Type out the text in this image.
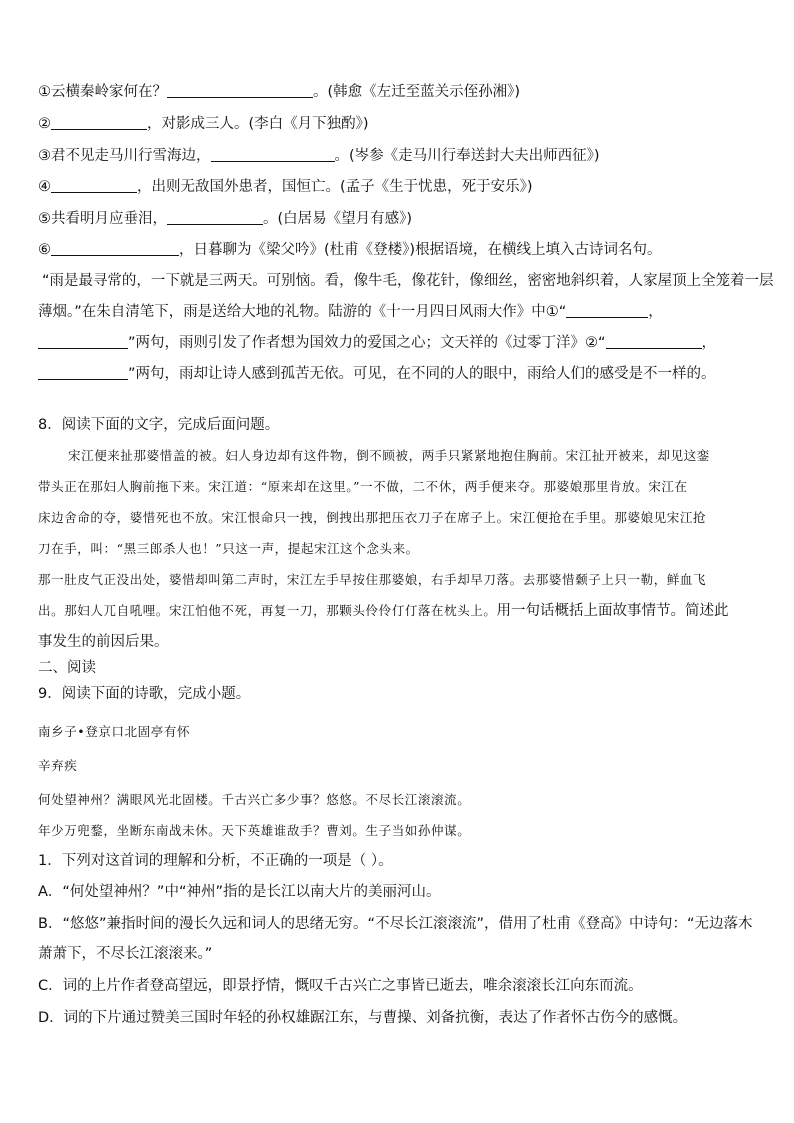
①云横秦岭家何在？	。(韩愈《左迁至蓝关示侄孙湘》)
②	，对影成三人。(李白《月下独酌》)
③君不见走马川行雪海边，	。(岑参《走马川行奉送封大夫出师西征》)
④	，出则无敌国外患者，国恒亡。(孟子《生于忧患，死于安乐》)
⑤共看明月应垂泪，	。(白居易《望月有感》)
⑥	，日暮聊为《梁父吟》(杜甫《登楼》)根据语境，在横线上填入古诗词名句。
“雨是最寻常的，一下就是三两天。可别恼。看，像牛毛，像花针，像细丝，密密地斜织着，人家屋顶上全笼着一层
薄烟。”在朱自清笔下，雨是送给大地的礼物。陆游的《十一月四日风雨大作》中①“	，
”两句，雨则引发了作者想为国效力的爱国之心；文天祥的《过零丁洋》②“	，
”两句，雨却让诗人感到孤苦无依。可见，在不同的人的眼中，雨给人们的感受是不一样的。
8．阅读下面的文字，完成后面问题。
宋江便来扯那婆惜盖的被。妇人身边却有这件物，倒不顾被，两手只紧紧地抱住胸前。宋江扯开被来，却见这銮
带头正在那妇人胸前拖下来。宋江道：“原来却在这里。”一不做，二不休，两手便来夺。那婆娘那里肯放。宋江在
床边舍命的夺，婆惜死也不放。宋江恨命只一拽，倒拽出那把压衣刀子在席子上。宋江便抢在手里。那婆娘见宋江抢
刀在手，叫：“黑三郎杀人也！”只这一声，提起宋江这个念头来。
那一肚皮气正没出处，婆惜却叫第二声时，宋江左手早按住那婆娘，右手却早刀落。去那婆惜颡子上只一勒，鲜血飞
出。那妇人兀自吼哩。宋江怕他不死，再复一刀，那颗头伶伶仃仃落在枕头上。用一句话概括上面故事情节。简述此
事发生的前因后果。
二、阅读
9．阅读下面的诗歌，完成小题。
南乡子•登京口北固亭有怀
辛弃疾
何处望神州？满眼风光北固楼。千古兴亡多少事？悠悠。不尽长江滚滚流。
年少万兜鍪，坐断东南战未休。天下英雄谁敌手？曹刘。生子当如孙仲谋。
1．下列对这首词的理解和分析，不正确的一项是（ ）。
A．“何处望神州？”中“神州”指的是长江以南大片的美丽河山。
B．“悠悠”兼指时间的漫长久远和词人的思绪无穷。“不尽长江滚滚流”，借用了杜甫《登高》中诗句：“无边落木
萧萧下，不尽长江滚滚来。”
C．词的上片作者登高望远，即景抒情，慨叹千古兴亡之事皆已逝去，唯余滚滚长江向东而流。
D．词的下片通过赞美三国时年轻的孙权雄踞江东，与曹操、刘备抗衡，表达了作者怀古伤今的感慨。
